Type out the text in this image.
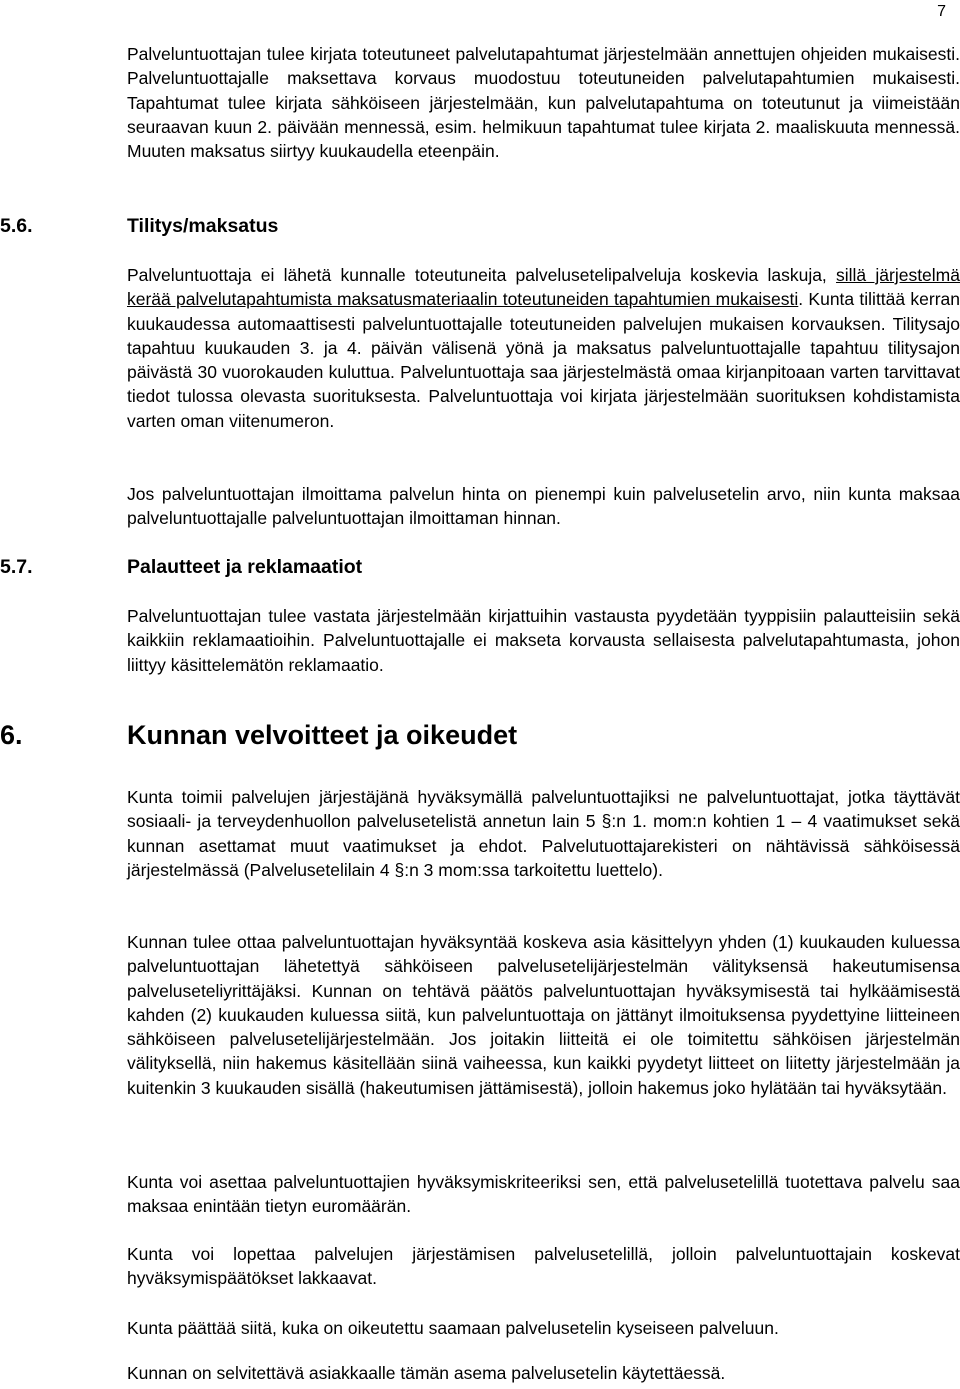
7

Palveluntuottajan tulee kirjata toteutuneet palvelutapahtumat järjestelmään annettujen ohjeiden mukaisesti. Palveluntuottajalle maksettava korvaus muodostuu toteutuneiden palvelutapahtumien mukaisesti. Tapahtumat tulee kirjata sähköiseen järjestelmään, kun palvelutapahtuma on toteutunut ja viimeistään seuraavan kuun 2. päivään mennessä, esim. helmikuun tapahtumat tulee kirjata 2. maaliskuuta mennessä. Muuten maksatus siirtyy kuukaudella eteenpäin.

5.6.	Tilitys/maksatus

Palveluntuottaja ei lähetä kunnalle toteutuneita palvelusetelipalveluja koskevia laskuja, sillä järjestelmä kerää palvelutapahtumista maksatusmateriaalin toteutuneiden tapahtumien mukaisesti. Kunta tilittää kerran kuukaudessa automaattisesti palveluntuottajalle toteutuneiden palvelujen mukaisen korvauksen. Tilitysajo tapahtuu kuukauden 3. ja 4. päivän välisenä yönä ja maksatus palveluntuottajalle tapahtuu tilitysajon päivästä 30 vuorokauden kuluttua. Palveluntuottaja saa järjestelmästä omaa kirjanpitoaan varten tarvittavat tiedot tulossa olevasta suorituksesta. Palveluntuottaja voi kirjata järjestelmään suorituksen kohdistamista varten oman viitenumeron.

Jos palveluntuottajan ilmoittama palvelun hinta on pienempi kuin palvelusetelin arvo, niin kunta maksaa palveluntuottajalle palveluntuottajan ilmoittaman hinnan.

5.7.	Palautteet ja reklamaatiot

Palveluntuottajan tulee vastata järjestelmään kirjattuihin vastausta pyydetään tyyppisiin palautteisiin sekä kaikkiin reklamaatioihin. Palveluntuottajalle ei makseta korvausta sellaisesta palvelutapahtumasta, johon liittyy käsittelemätön reklamaatio.

6.	Kunnan velvoitteet ja oikeudet

Kunta toimii palvelujen järjestäjänä hyväksymällä palveluntuottajiksi ne palveluntuottajat, jotka täyttävät sosiaali- ja terveydenhuollon palvelusetelistä annetun lain 5 §:n 1. mom:n kohtien 1 – 4 vaatimukset sekä kunnan asettamat muut vaatimukset ja ehdot. Palvelutuottajarekisteri on nähtävissä sähköisessä järjestelmässä (Palvelusetelilain 4 §:n 3 mom:ssa tarkoitettu luettelo).

Kunnan tulee ottaa palveluntuottajan hyväksyntää koskeva asia käsittelyyn yhden (1) kuukauden kuluessa palveluntuottajan lähetettyä sähköiseen palvelusetelijärjestelmän välityksensä hakeutumisensa palveluseteliyrittäjäksi. Kunnan on tehtävä päätös palveluntuottajan hyväksymisestä tai hylkäämisestä kahden (2) kuukauden kuluessa siitä, kun palveluntuottaja on jättänyt ilmoituksensa pyydettyine liitteineen sähköiseen palvelusetelijärjestelmään. Jos joitakin liitteitä ei ole toimitettu sähköisen järjestelmän välityksellä, niin hakemus käsitellään siinä vaiheessa, kun kaikki pyydetyt liitteet on liitetty järjestelmään ja kuitenkin 3 kuukauden sisällä (hakeutumisen jättämisestä), jolloin hakemus joko hylätään tai hyväksytään.

Kunta voi asettaa palveluntuottajien hyväksymiskriteeriksi sen, että palvelusetelillä tuotettava palvelu saa maksaa enintään tietyn euromäärän.

Kunta voi lopettaa palvelujen järjestämisen palvelusetelillä, jolloin palveluntuottajain koskevat hyväksymispäätökset lakkaavat.

Kunta päättää siitä, kuka on oikeutettu saamaan palvelusetelin kyseiseen palveluun.

Kunnan on selvitettävä asiakkaalle tämän asema palvelusetelin käytettäessä.
